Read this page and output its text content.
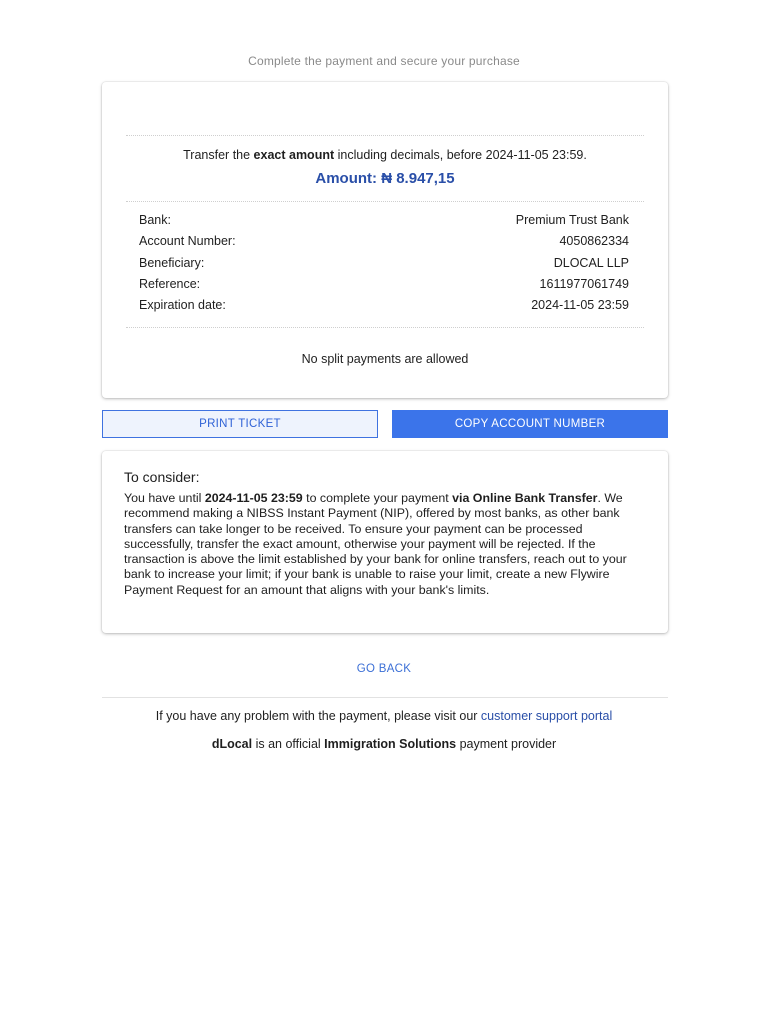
Complete the payment and secure your purchase
Transfer the exact amount including decimals, before 2024-11-05 23:59.
Amount: ₦ 8.947,15
Bank:	Premium Trust Bank
Account Number:	4050862334
Beneficiary:	DLOCAL LLP
Reference:	1611977061749
Expiration date:	2024-11-05 23:59
No split payments are allowed
PRINT TICKET	COPY ACCOUNT NUMBER
To consider:
You have until 2024-11-05 23:59 to complete your payment via Online Bank Transfer. We recommend making a NIBSS Instant Payment (NIP), offered by most banks, as other bank transfers can take longer to be received. To ensure your payment can be processed successfully, transfer the exact amount, otherwise your payment will be rejected. If the transaction is above the limit established by your bank for online transfers, reach out to your bank to increase your limit; if your bank is unable to raise your limit, create a new Flywire Payment Request for an amount that aligns with your bank's limits.
GO BACK
If you have any problem with the payment, please visit our customer support portal
dLocal is an official Immigration Solutions payment provider
